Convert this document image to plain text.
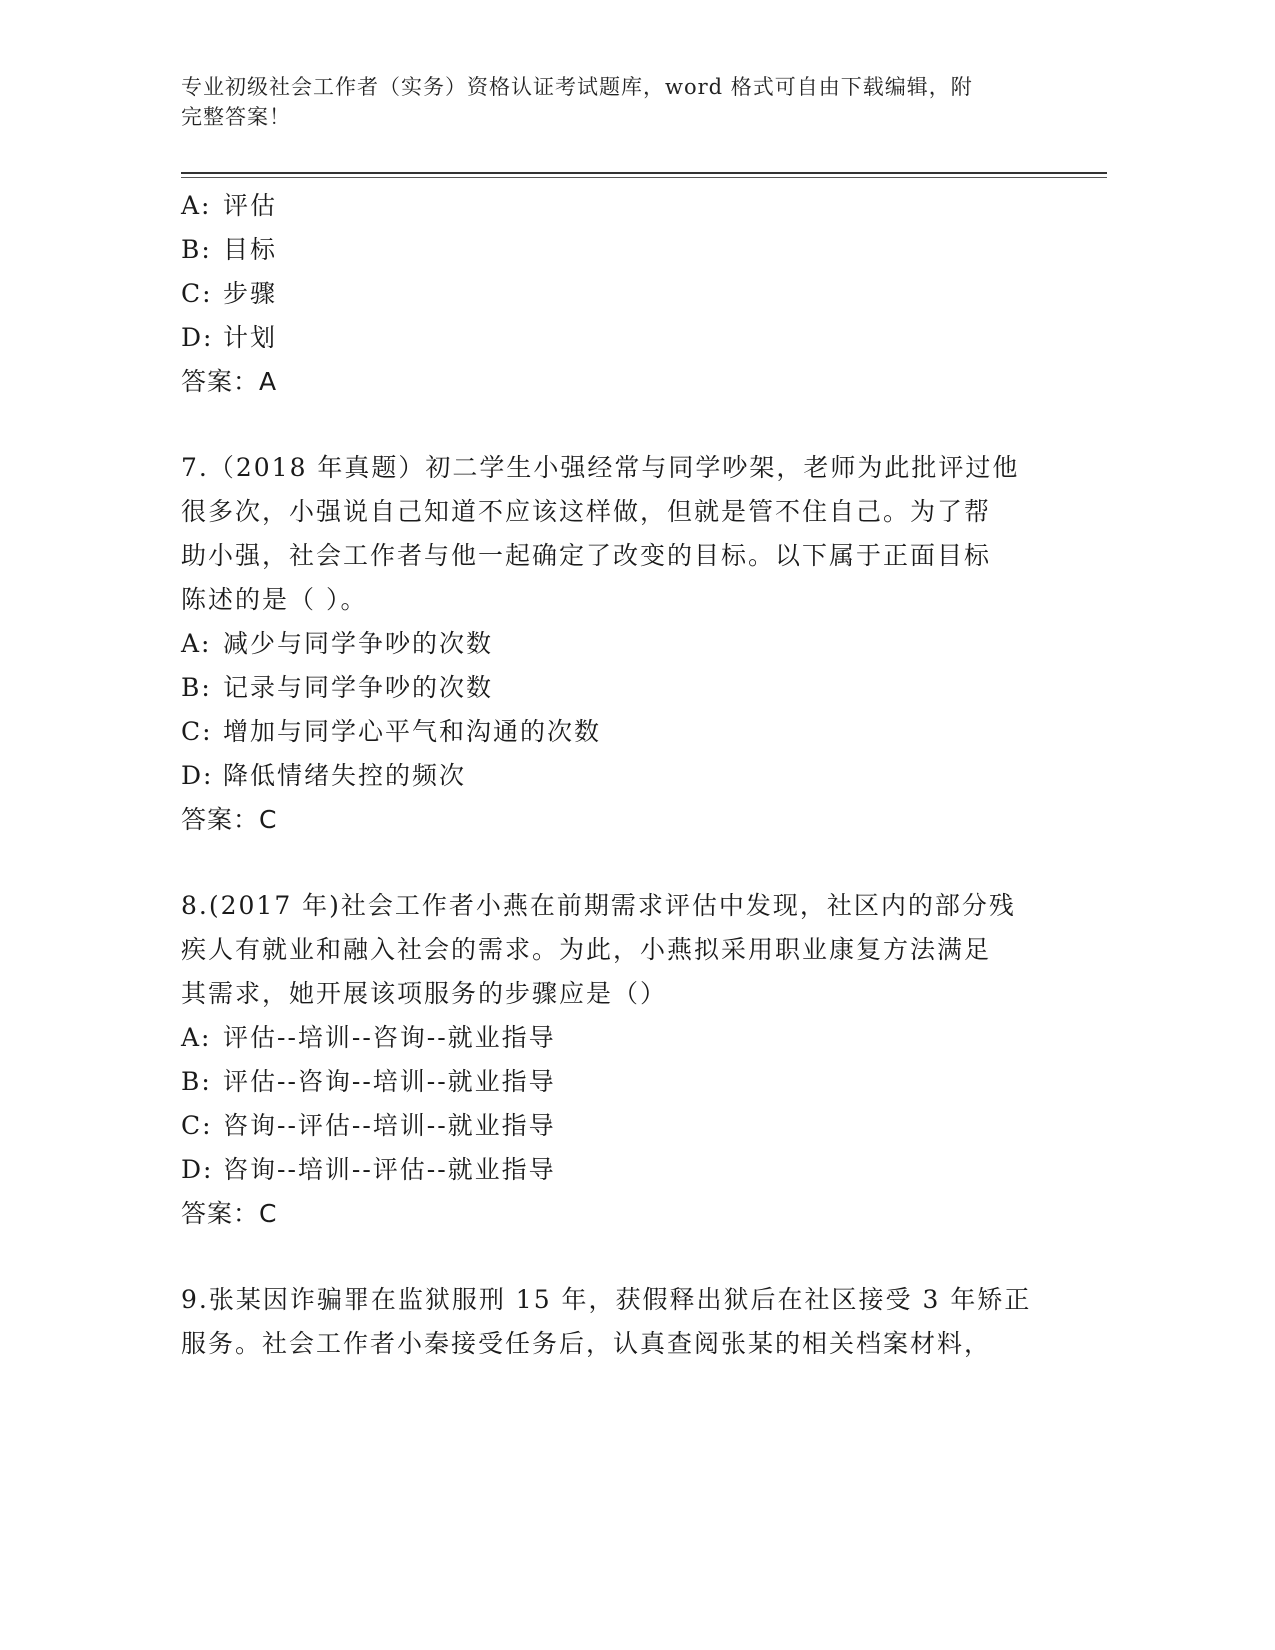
专业初级社会工作者（实务）资格认证考试题库，word 格式可自由下载编辑，附
完整答案！
A: 评估
B: 目标
C: 步骤
D: 计划
答案：A
7.（2018 年真题）初二学生小强经常与同学吵架，老师为此批评过他
很多次，小强说自己知道不应该这样做，但就是管不住自己。为了帮
助小强，社会工作者与他一起确定了改变的目标。以下属于正面目标
陈述的是（ ）。
A: 减少与同学争吵的次数
B: 记录与同学争吵的次数
C: 增加与同学心平气和沟通的次数
D: 降低情绪失控的频次
答案：C
8.(2017 年)社会工作者小燕在前期需求评估中发现，社区内的部分残
疾人有就业和融入社会的需求。为此，小燕拟采用职业康复方法满足
其需求，她开展该项服务的步骤应是（）
A: 评估--培训--咨询--就业指导
B: 评估--咨询--培训--就业指导
C: 咨询--评估--培训--就业指导
D: 咨询--培训--评估--就业指导
答案：C
9.张某因诈骗罪在监狱服刑 15 年，获假释出狱后在社区接受 3 年矫正
服务。社会工作者小秦接受任务后，认真查阅张某的相关档案材料，
